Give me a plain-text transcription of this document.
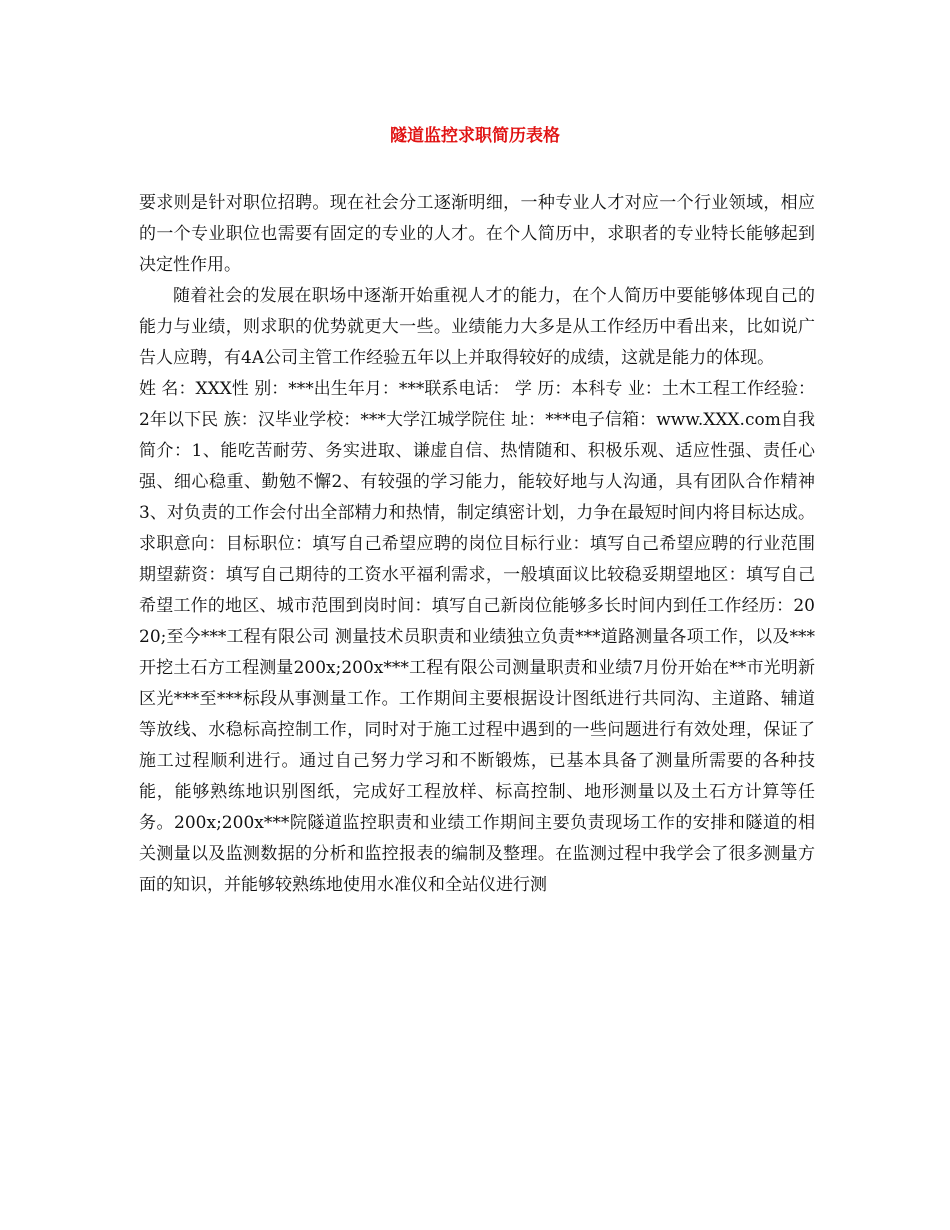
隧道监控求职简历表格

要求则是针对职位招聘。现在社会分工逐渐明细，一种专业人才对应一个行业领域，相应的一个专业职位也需要有固定的专业的人才。在个人简历中，求职者的专业特长能够起到决定性作用。

随着社会的发展在职场中逐渐开始重视人才的能力，在个人简历中要能够体现自己的能力与业绩，则求职的优势就更大一些。业绩能力大多是从工作经历中看出来，比如说广告人应聘，有4A公司主管工作经验五年以上并取得较好的成绩，这就是能力的体现。

姓 名：XXX性 别：***出生年月：***联系电话： 学 历：本科专 业：土木工程工作经验： 2年以下民 族：汉毕业学校：***大学江城学院住 址：***电子信箱：www.XXX.com自我简介：1、能吃苦耐劳、务实进取、谦虚自信、热情随和、积极乐观、适应性强、责任心强、细心稳重、勤勉不懈2、有较强的学习能力，能较好地与人沟通，具有团队合作精神3、对负责的工作会付出全部精力和热情，制定缜密计划，力争在最短时间内将目标达成。求职意向：目标职位：填写自己希望应聘的岗位目标行业：填写自己希望应聘的行业范围期望薪资：填写自己期待的工资水平福利需求，一般填面议比较稳妥期望地区：填写自己希望工作的地区、城市范围到岗时间：填写自己新岗位能够多长时间内到任工作经历：2020;至今***工程有限公司 测量技术员职责和业绩独立负责***道路测量各项工作，以及***开挖土石方工程测量200x;200x***工程有限公司测量职责和业绩7月份开始在**市光明新区光***至***标段从事测量工作。工作期间主要根据设计图纸进行共同沟、主道路、辅道等放线、水稳标高控制工作，同时对于施工过程中遇到的一些问题进行有效处理，保证了施工过程顺利进行。通过自己努力学习和不断锻炼，已基本具备了测量所需要的各种技能，能够熟练地识别图纸，完成好工程放样、标高控制、地形测量以及土石方计算等任务。200x;200x***院隧道监控职责和业绩工作期间主要负责现场工作的安排和隧道的相关测量以及监测数据的分析和监控报表的编制及整理。在监测过程中我学会了很多测量方面的知识，并能够较熟练地使用水准仪和全站仪进行测
